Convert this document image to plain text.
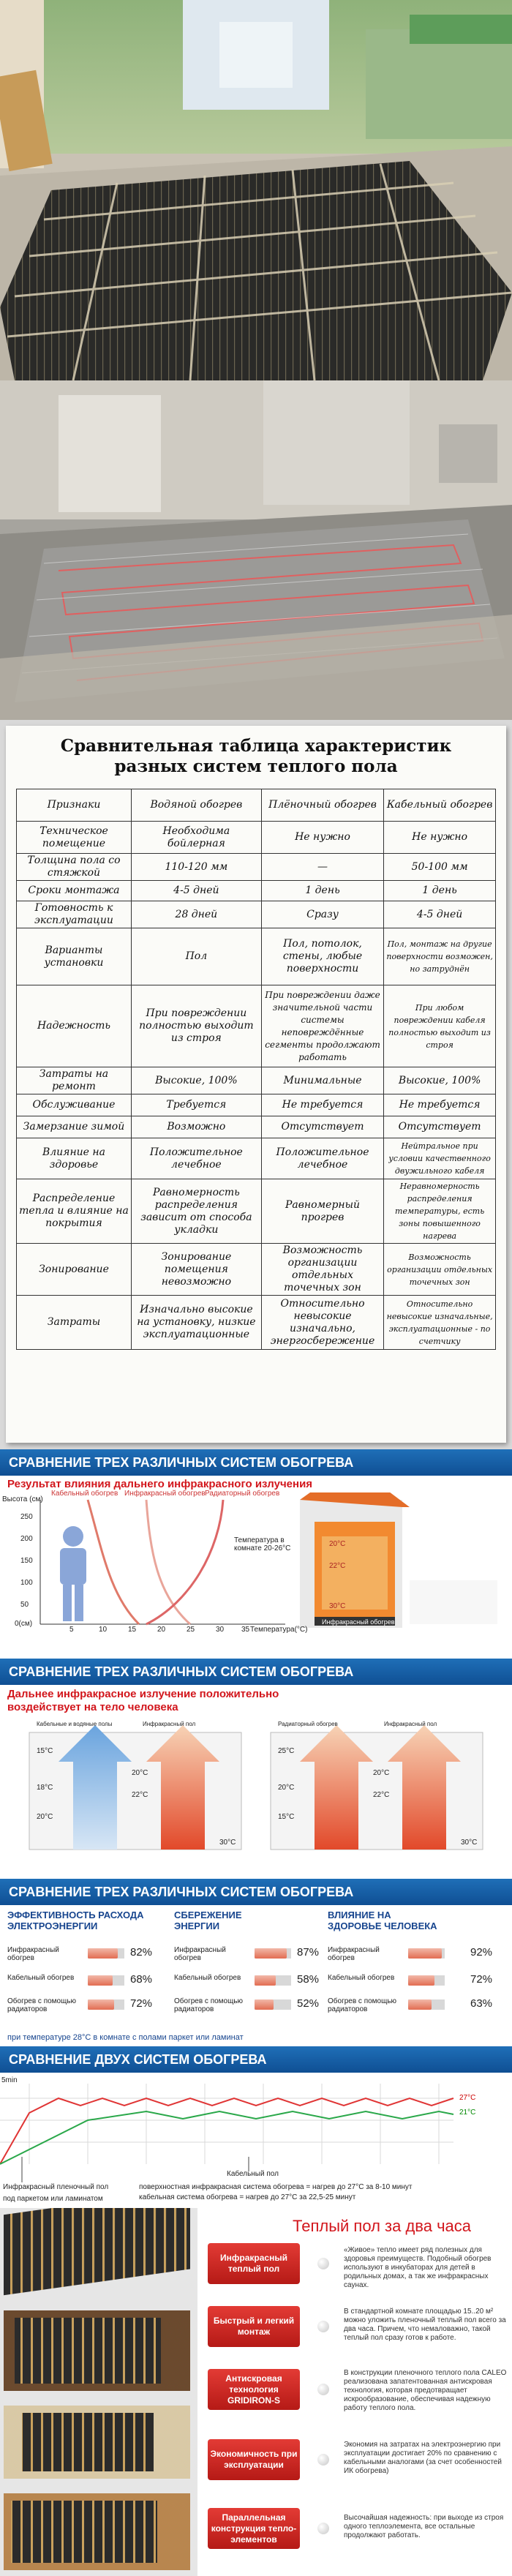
Сравнительная таблица характеристик
разных систем теплого пола
Признаки	Водяной обогрев	Плёночный обогрев	Кабельный обогрев
Техническое помещение	Необходима бойлерная	Не нужно	Не нужно
Толщина пола со стяжкой	110-120 мм	—	50-100 мм
Сроки монтажа	4-5 дней	1 день	1 день
Готовность к эксплуатации	28 дней	Сразу	4-5 дней
Варианты установки	Пол	Пол, потолок, стены, любые поверхности	Пол, монтаж на другие поверхности возможен, но затруднён
Надежность	При повреждении полностью выходит из строя	При повреждении даже значительной части системы неповреждённые сегменты продолжают работать	При любом повреждении кабеля полностью выходит из строя
Затраты на ремонт	Высокие, 100%	Минимальные	Высокие, 100%
Обслуживание	Требуется	Не требуется	Не требуется
Замерзание зимой	Возможно	Отсутствует	Отсутствует
Влияние на здоровье	Положительное лечебное	Положительное лечебное	Нейтральное при условии качественного двужильного кабеля
Распределение тепла и влияние на покрытия	Равномерность распределения зависит от способа укладки	Равномерный прогрев	Неравномерность распределения температуры, есть зоны повышенного нагрева
Зонирование	Зонирование помещения невозможно	Возможность организации отдельных точечных зон	Возможность организации отдельных точечных зон
Затраты	Изначально высокие на установку, низкие эксплуатационные	Относительно невысокие изначально, энергосбережение	Относительно невысокие изначальные, эксплуатационные - по счетчику
СРАВНЕНИЕ ТРЕХ РАЗЛИЧНЫХ СИСТЕМ ОБОГРЕВА
Результат влияния дальнего инфракрасного излучения
Высота (см)
Кабельный обогрев Инфракрасный обогрев Радиаторный обогрев
250
200
150
100
50
0(см)
5	10	15	20	25	30 35 Температура(°C)
Температура в комнате 20-26°C
Инфракрасный обогрев
20°C
22°C
30°C
СРАВНЕНИЕ ТРЕХ РАЗЛИЧНЫХ СИСТЕМ ОБОГРЕВА
Дальнее инфракрасное излучение положительно
воздействует на тело человека
Кабельные и водяные полы	Инфракрасный пол	Радиаторный обогрев	Инфракрасный пол
15°C
18°C
20°C
20°C
22°C
30°C
25°C
20°C
15°C
20°C
22°C
30°C
СРАВНЕНИЕ ТРЕХ РАЗЛИЧНЫХ СИСТЕМ ОБОГРЕВА
ЭФФЕКТИВНОСТЬ РАСХОДА ЭЛЕКТРОЭНЕРГИИ
Инфракрасный обогрев	82%
Кабельный обогрев	68%
Обогрев с помощью радиаторов	72%
СБЕРЕЖЕНИЕ ЭНЕРГИИ
Инфракрасный обогрев	87%
Кабельный обогрев	58%
Обогрев с помощью радиаторов	52%
ВЛИЯНИЕ НА ЗДОРОВЬЕ ЧЕЛОВЕКА
Инфракрасный обогрев	92%
Кабельный обогрев	72%
Обогрев с помощью радиаторов	63%
при температуре 28°C в комнате с полами паркет или ламинат
СРАВНЕНИЕ ДВУХ СИСТЕМ ОБОГРЕВА
5min
27°C
21°C
Инфракрасный пленочный пол
Кабельный пол
под паркетом или ламинатом
поверхностная инфракрасная система обогрева = нагрев до 27°C за 8-10 минут
кабельная система обогрева = нагрев до 27°C за 22,5-25 минут
Теплый пол за два часа
Инфракрасный теплый пол
«Живое» тепло имеет ряд полезных для здоровья преимуществ. Подобный обогрев используют в инкубаторах для детей в родильных домах, а так же инфракрасных саунах.
Быстрый и легкий монтаж
В стандартной комнате площадью 15..20 м² можно уложить пленочный теплый пол всего за два часа. Причем, что немаловажно, такой теплый пол сразу готов к работе.
Антискровая технология GRIDIRON-S
В конструкции пленочного теплого пола CALEO реализована запатентованная антискровая технология, которая предотвращает искрообразование, обеспечивая надежную работу теплого пола.
Экономичность при эксплуатации
Экономия на затратах на электроэнергию при эксплуатации достигает 20% по сравнению с кабельными аналогами (за счет особенностей ИК обогрева)
Параллельная конструкция теплоэлементов
Высочайшая надежность: при выходе из строя одного теплоэлемента, все остальные продолжают работать.
